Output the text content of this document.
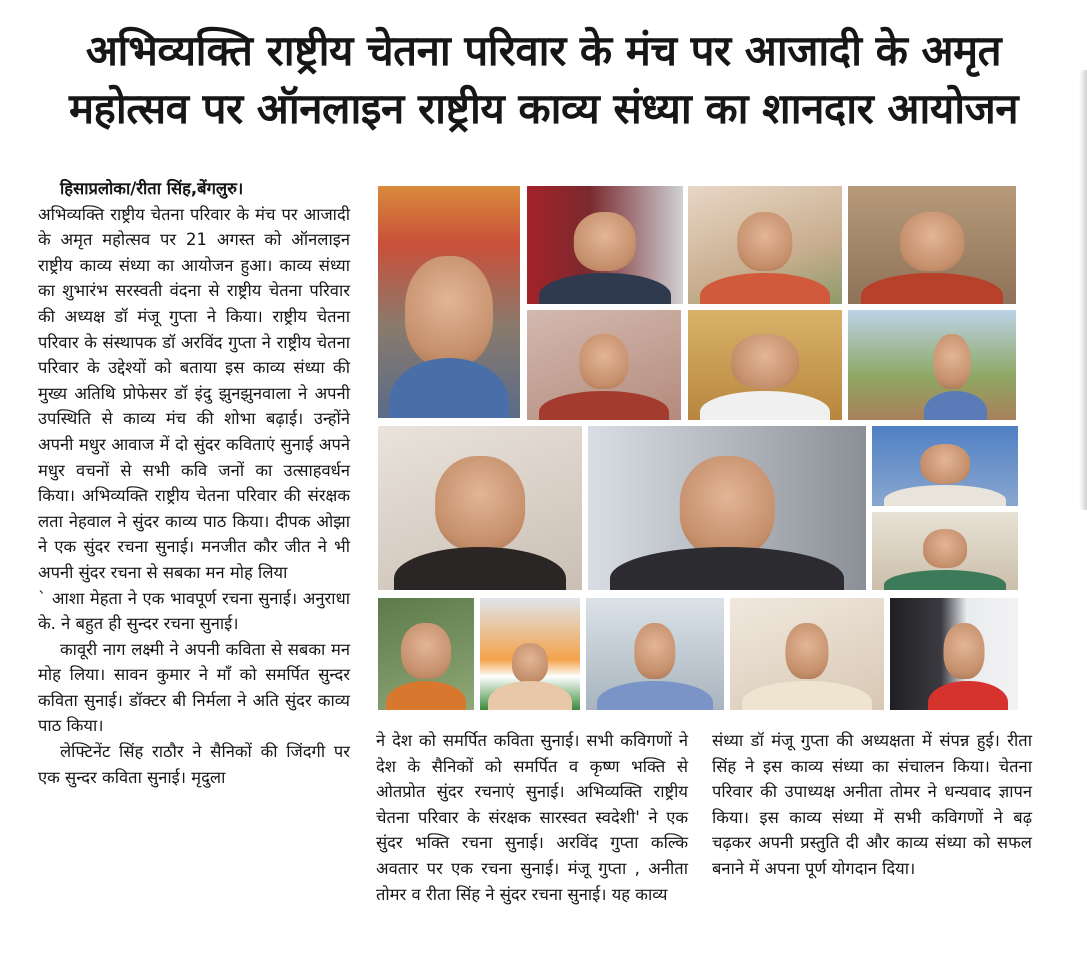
अभिव्यक्ति राष्ट्रीय चेतना परिवार के मंच पर आजादी के अमृत
महोत्सव पर ऑनलाइन राष्ट्रीय काव्य संध्या का शानदार आयोजन
हिसाप्रलोका/रीता सिंह,बेंगलुरु।
अभिव्यक्ति राष्ट्रीय चेतना परिवार के मंच पर आजादी के अमृत महोत्सव पर 21 अगस्त को ऑनलाइन राष्ट्रीय काव्य संध्या का आयोजन हुआ। काव्य संध्या का शुभारंभ सरस्वती वंदना से राष्ट्रीय चेतना परिवार की अध्यक्ष डॉ मंजू गुप्ता ने किया। राष्ट्रीय चेतना परिवार के संस्थापक डॉ अरविंद गुप्ता ने राष्ट्रीय चेतना परिवार के उद्देश्यों को बताया इस काव्य संध्या की मुख्य अतिथि प्रोफेसर डॉ इंदु झुनझुनवाला ने अपनी उपस्थिति से काव्य मंच की शोभा बढ़ाई। उन्होंने अपनी मधुर आवाज में दो सुंदर कविताएं सुनाई अपने मधुर वचनों से सभी कवि जनों का उत्साहवर्धन किया। अभिव्यक्ति राष्ट्रीय चेतना परिवार की संरक्षक लता नेहवाल ने सुंदर काव्य पाठ किया। दीपक ओझा ने एक सुंदर रचना सुनाई। मनजीत कौर जीत ने भी अपनी सुंदर रचना से सबका मन मोह लिया
` आशा मेहता ने एक भावपूर्ण रचना सुनाई। अनुराधा के. ने बहुत ही सुन्दर रचना सुनाई।
कावूरी नाग लक्ष्मी ने अपनी कविता से सबका मन मोह लिया। सावन कुमार ने माँ को समर्पित सुन्दर कविता सुनाई। डॉक्टर बी निर्मला ने अति सुंदर काव्य पाठ किया।
लेफ्टिनेंट सिंह राठौर ने सैनिकों की जिंदगी पर एक सुन्दर कविता सुनाई। मृदुला
ने देश को समर्पित कविता सुनाई। सभी कविगणों ने देश के सैनिकों को समर्पित व कृष्ण भक्ति से ओतप्रोत सुंदर रचनाएं सुनाई। अभिव्यक्ति राष्ट्रीय चेतना परिवार के संरक्षक सारस्वत स्वदेशी' ने एक सुंदर भक्ति रचना सुनाई। अरविंद गुप्ता कल्कि अवतार पर एक रचना सुनाई। मंजू गुप्ता , अनीता तोमर व रीता सिंह ने सुंदर रचना सुनाई। यह काव्य
संध्या डॉ मंजू गुप्ता की अध्यक्षता में संपन्न हुई। रीता सिंह ने इस काव्य संध्या का संचालन किया। चेतना परिवार की उपाध्यक्ष अनीता तोमर ने धन्यवाद ज्ञापन किया। इस काव्य संध्या में सभी कविगणों ने बढ़ चढ़कर अपनी प्रस्तुति दी और काव्य संध्या को सफल बनाने में अपना पूर्ण योगदान दिया।
